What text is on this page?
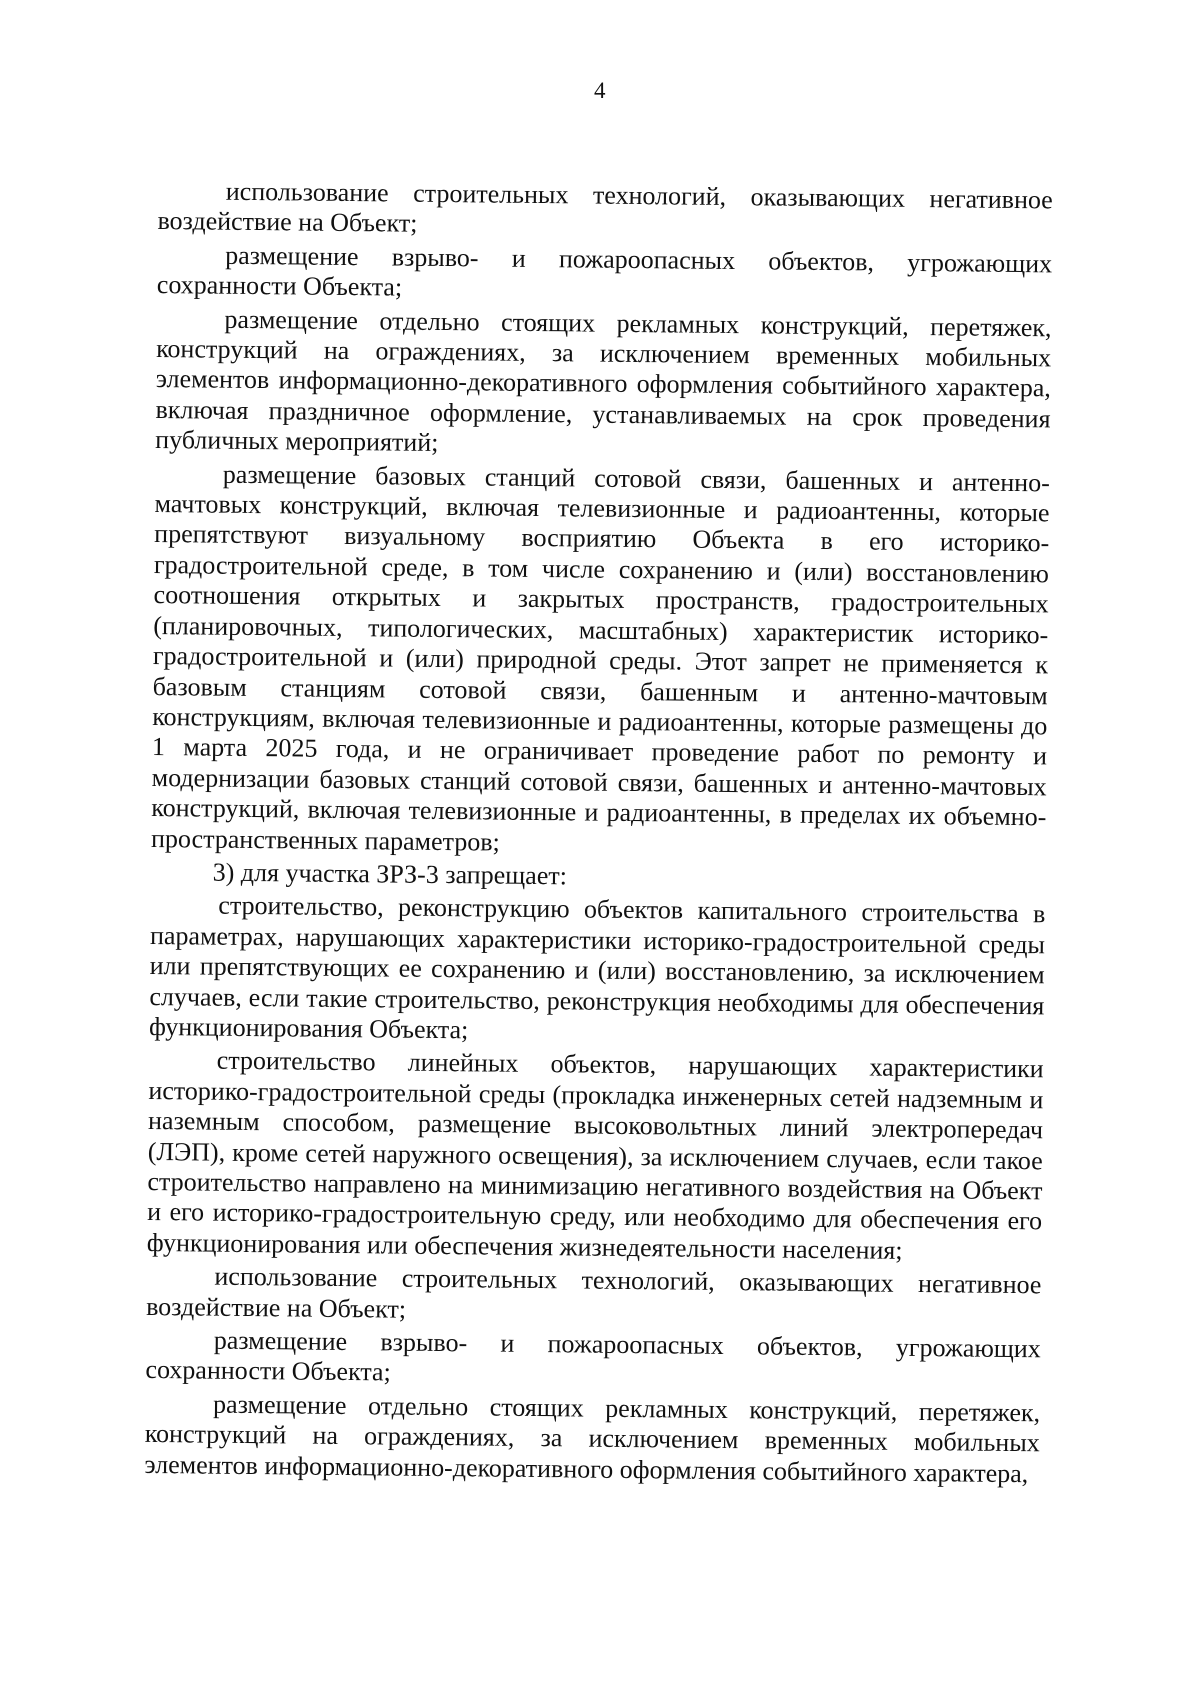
4

использование строительных технологий, оказывающих негативное воздействие на Объект;

размещение взрыво- и пожароопасных объектов, угрожающих сохранности Объекта;

размещение отдельно стоящих рекламных конструкций, перетяжек, конструкций на ограждениях, за исключением временных мобильных элементов информационно-декоративного оформления событийного характера, включая праздничное оформление, устанавливаемых на срок проведения публичных мероприятий;

размещение базовых станций сотовой связи, башенных и антенно-мачтовых конструкций, включая телевизионные и радиоантенны, которые препятствуют визуальному восприятию Объекта в его историко-градостроительной среде, в том числе сохранению и (или) восстановлению соотношения открытых и закрытых пространств, градостроительных (планировочных, типологических, масштабных) характеристик историко-градостроительной и (или) природной среды. Этот запрет не применяется к базовым станциям сотовой связи, башенным и антенно-мачтовым конструкциям, включая телевизионные и радиоантенны, которые размещены до 1 марта 2025 года, и не ограничивает проведение работ по ремонту и модернизации базовых станций сотовой связи, башенных и антенно-мачтовых конструкций, включая телевизионные и радиоантенны, в пределах их объемно-пространственных параметров;

3) для участка ЗРЗ-3 запрещает:

строительство, реконструкцию объектов капитального строительства в параметрах, нарушающих характеристики историко-градостроительной среды или препятствующих ее сохранению и (или) восстановлению, за исключением случаев, если такие строительство, реконструкция необходимы для обеспечения функционирования Объекта;

строительство линейных объектов, нарушающих характеристики историко-градостроительной среды (прокладка инженерных сетей надземным и наземным способом, размещение высоковольтных линий электропередач (ЛЭП), кроме сетей наружного освещения), за исключением случаев, если такое строительство направлено на минимизацию негативного воздействия на Объект и его историко-градостроительную среду, или необходимо для обеспечения его функционирования или обеспечения жизнедеятельности населения;

использование строительных технологий, оказывающих негативное воздействие на Объект;

размещение взрыво- и пожароопасных объектов, угрожающих сохранности Объекта;

размещение отдельно стоящих рекламных конструкций, перетяжек, конструкций на ограждениях, за исключением временных мобильных элементов информационно-декоративного оформления событийного характера,
